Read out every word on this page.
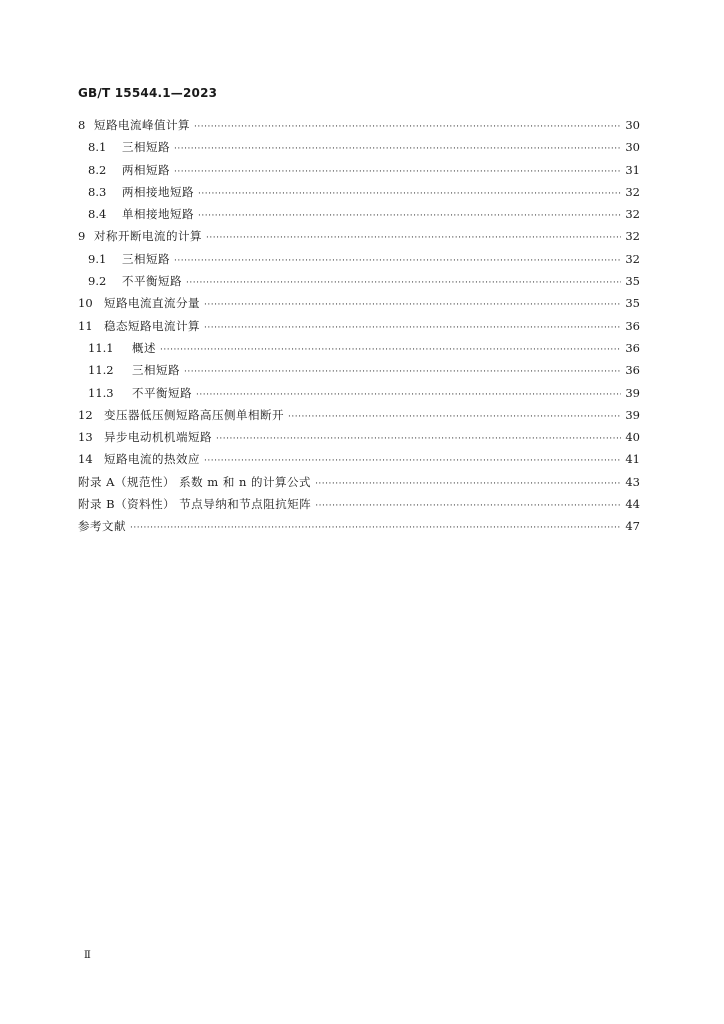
GB/T 15544.1—2023
8 短路电流峰值计算 ·····	30
8.1	三相短路 ·····	30
8.2	两相短路 ·····	31
8.3	两相接地短路 ·····	32
8.4	单相接地短路 ·····	32
9 对称开断电流的计算 ·····	32
9.1	三相短路 ·····	32
9.2	不平衡短路 ·····	35
10 短路电流直流分量 ·····	35
11 稳态短路电流计算 ·····	36
11.1	概述 ·····	36
11.2	三相短路 ·····	36
11.3	不平衡短路 ·····	39
12 变压器低压侧短路高压侧单相断开 ·····	39
13 异步电动机机端短路 ·····	40
14 短路电流的热效应 ·····	41
附录 A（规范性） 系数 m 和 n 的计算公式 ·····	43
附录 B（资料性） 节点导纳和节点阻抗矩阵 ·····	44
参考文献 ·····	47
Ⅱ
